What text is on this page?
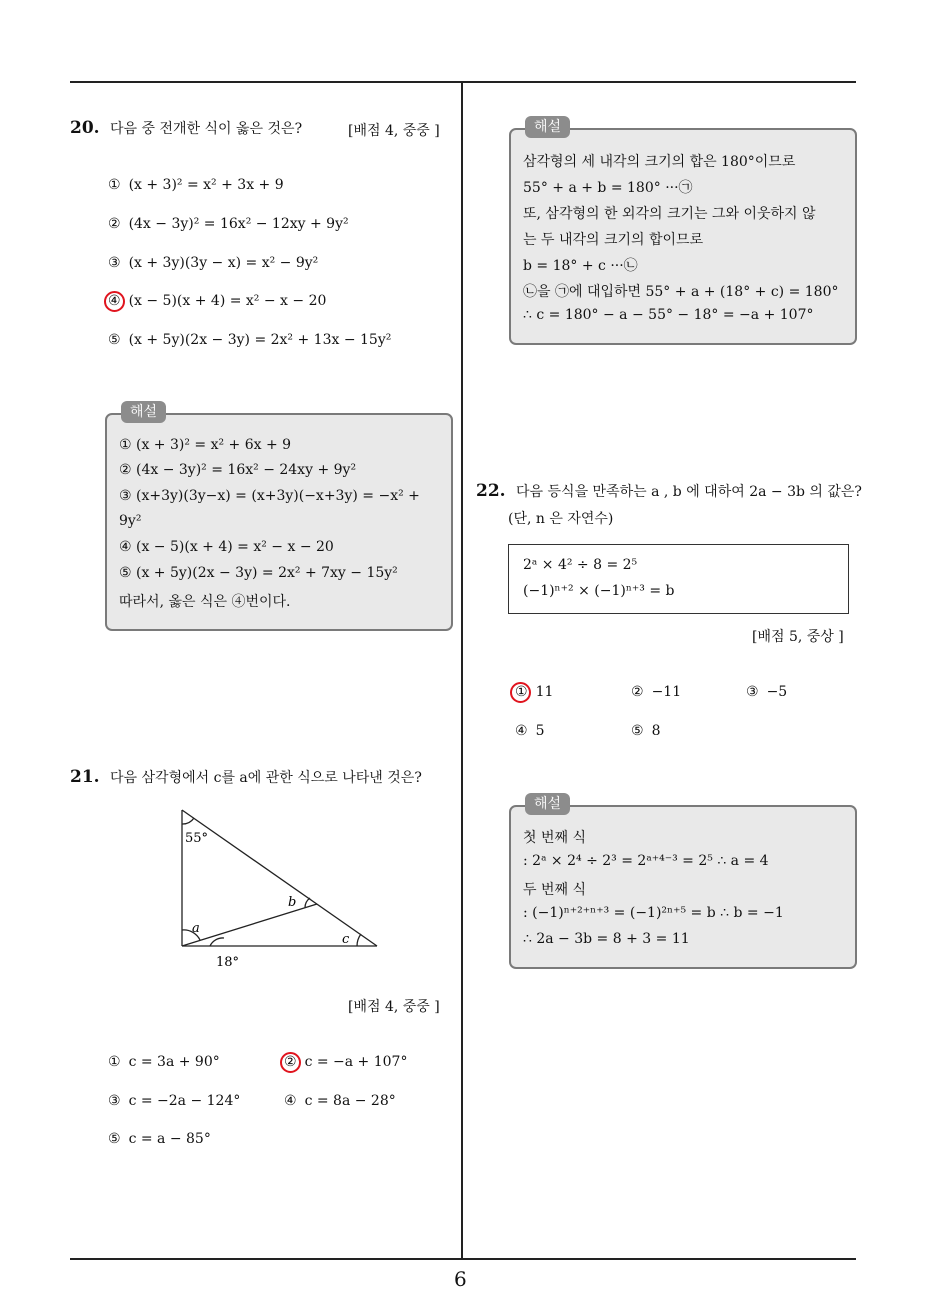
6
20. 다음 중 전개한 식이 옳은 것은?	[배점 4, 중중 ]
① (x + 3)² = x² + 3x + 9
② (4x − 3y)² = 16x² − 12xy + 9y²
③ (x + 3y)(3y − x) = x² − 9y²
④ (x − 5)(x + 4) = x² − x − 20
⑤ (x + 5y)(2x − 3y) = 2x² + 13x − 15y²
해설
① (x + 3)² = x² + 6x + 9
② (4x − 3y)² = 16x² − 24xy + 9y²
③ (x+3y)(3y−x) = (x+3y)(−x+3y) = −x² +
9y²
④ (x − 5)(x + 4) = x² − x − 20
⑤ (x + 5y)(2x − 3y) = 2x² + 7xy − 15y²
따라서, 옳은 식은 ④번이다.
21. 다음 삼각형에서 c를 a에 관한 식으로 나타낸 것은?
55°
a
b
c
18°
[배점 4, 중중 ]
① c = 3a + 90°	② c = −a + 107°
③ c = −2a − 124°	④ c = 8a − 28°
⑤ c = a − 85°
해설
삼각형의 세 내각의 크기의 합은 180°이므로
55° + a + b = 180° ···㉠
또, 삼각형의 한 외각의 크기는 그와 이웃하지 않
는 두 내각의 크기의 합이므로
b = 18° + c ···㉡
㉡을 ㉠에 대입하면 55° + a + (18° + c) = 180°
∴ c = 180° − a − 55° − 18° = −a + 107°
22. 다음 등식을 만족하는 a , b 에 대하여 2a − 3b 의 값은?
(단, n 은 자연수)
2ᵃ × 4² ÷ 8 = 2⁵
(−1)ⁿ⁺² × (−1)ⁿ⁺³ = b
[배점 5, 중상 ]
① 11	② −11	③ −5
④ 5	⑤ 8
해설
첫 번째 식
: 2ᵃ × 2⁴ ÷ 2³ = 2ᵃ⁺⁴⁻³ = 2⁵ ∴ a = 4
두 번째 식
: (−1)ⁿ⁺²⁺ⁿ⁺³ = (−1)²ⁿ⁺⁵ = b ∴ b = −1
∴ 2a − 3b = 8 + 3 = 11
